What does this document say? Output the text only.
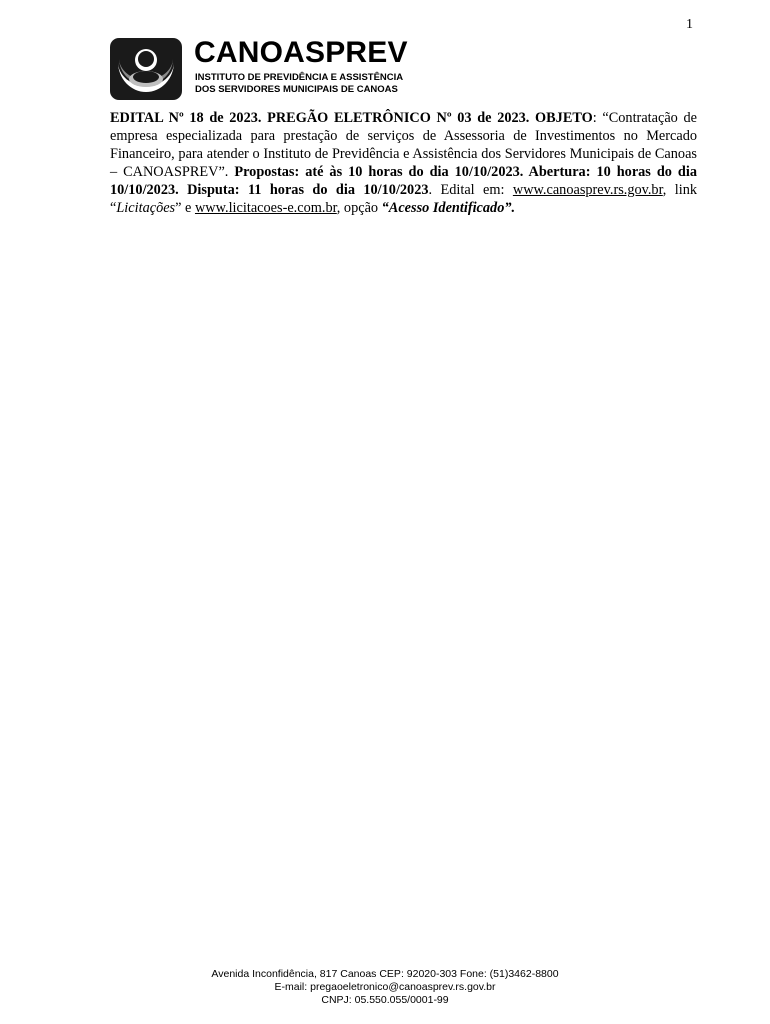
1
CANOASPREV
INSTITUTO DE PREVIDÊNCIA E ASSISTÊNCIA
DOS SERVIDORES MUNICIPAIS DE CANOAS
EDITAL Nº 18 de 2023. PREGÃO ELETRÔNICO Nº 03 de 2023. OBJETO: “Contratação de empresa especializada para prestação de serviços de Assessoria de Investimentos no Mercado Financeiro, para atender o Instituto de Previdência e Assistência dos Servidores Municipais de Canoas – CANOASPREV”. Propostas: até às 10 horas do dia 10/10/2023. Abertura: 10 horas do dia 10/10/2023. Disputa: 11 horas do dia 10/10/2023. Edital em: www.canoasprev.rs.gov.br, link “Licitações” e www.licitacoes-e.com.br, opção “Acesso Identificado”.
Avenida Inconfidência, 817 Canoas CEP: 92020-303 Fone: (51)3462-8800
E-mail: pregaoeletronico@canoasprev.rs.gov.br
CNPJ: 05.550.055/0001-99
